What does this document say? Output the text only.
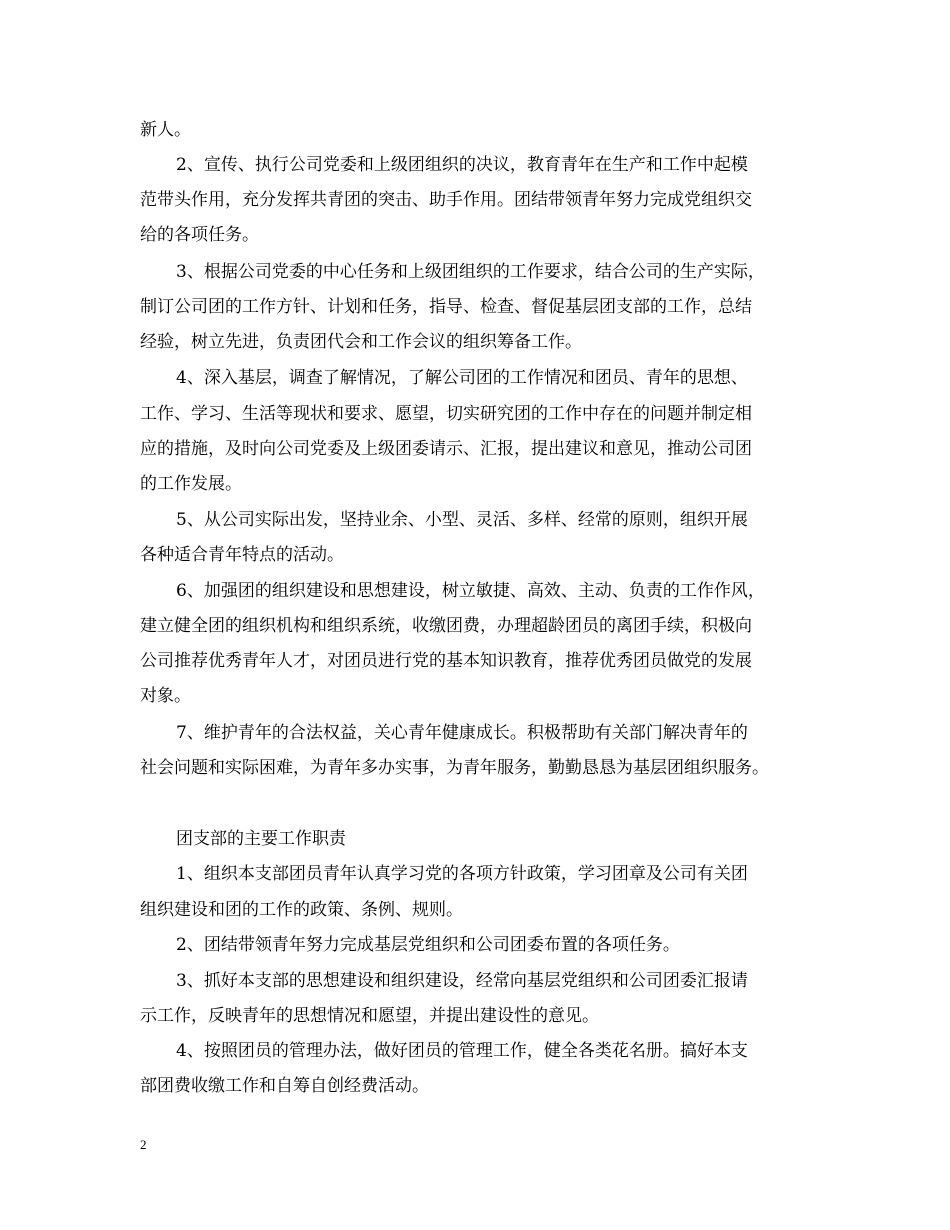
新人。

2、宣传、执行公司党委和上级团组织的决议，教育青年在生产和工作中起模

范带头作用，充分发挥共青团的突击、助手作用。团结带领青年努力完成党组织交

给的各项任务。

3、根据公司党委的中心任务和上级团组织的工作要求，结合公司的生产实际，

制订公司团的工作方针、计划和任务，指导、检查、督促基层团支部的工作，总结

经验，树立先进，负责团代会和工作会议的组织筹备工作。

4、深入基层，调查了解情况，了解公司团的工作情况和团员、青年的思想、

工作、学习、生活等现状和要求、愿望，切实研究团的工作中存在的问题并制定相

应的措施，及时向公司党委及上级团委请示、汇报，提出建议和意见，推动公司团

的工作发展。

5、从公司实际出发，坚持业余、小型、灵活、多样、经常的原则，组织开展

各种适合青年特点的活动。

6、加强团的组织建设和思想建设，树立敏捷、高效、主动、负责的工作作风，

建立健全团的组织机构和组织系统，收缴团费，办理超龄团员的离团手续，积极向

公司推荐优秀青年人才，对团员进行党的基本知识教育，推荐优秀团员做党的发展

对象。

7、维护青年的合法权益，关心青年健康成长。积极帮助有关部门解决青年的

社会问题和实际困难，为青年多办实事，为青年服务，勤勤恳恳为基层团组织服务。

团支部的主要工作职责

1、组织本支部团员青年认真学习党的各项方针政策，学习团章及公司有关团

组织建设和团的工作的政策、条例、规则。

2、团结带领青年努力完成基层党组织和公司团委布置的各项任务。

3、抓好本支部的思想建设和组织建设，经常向基层党组织和公司团委汇报请

示工作，反映青年的思想情况和愿望，并提出建设性的意见。

4、按照团员的管理办法，做好团员的管理工作，健全各类花名册。搞好本支

部团费收缴工作和自筹自创经费活动。

2
